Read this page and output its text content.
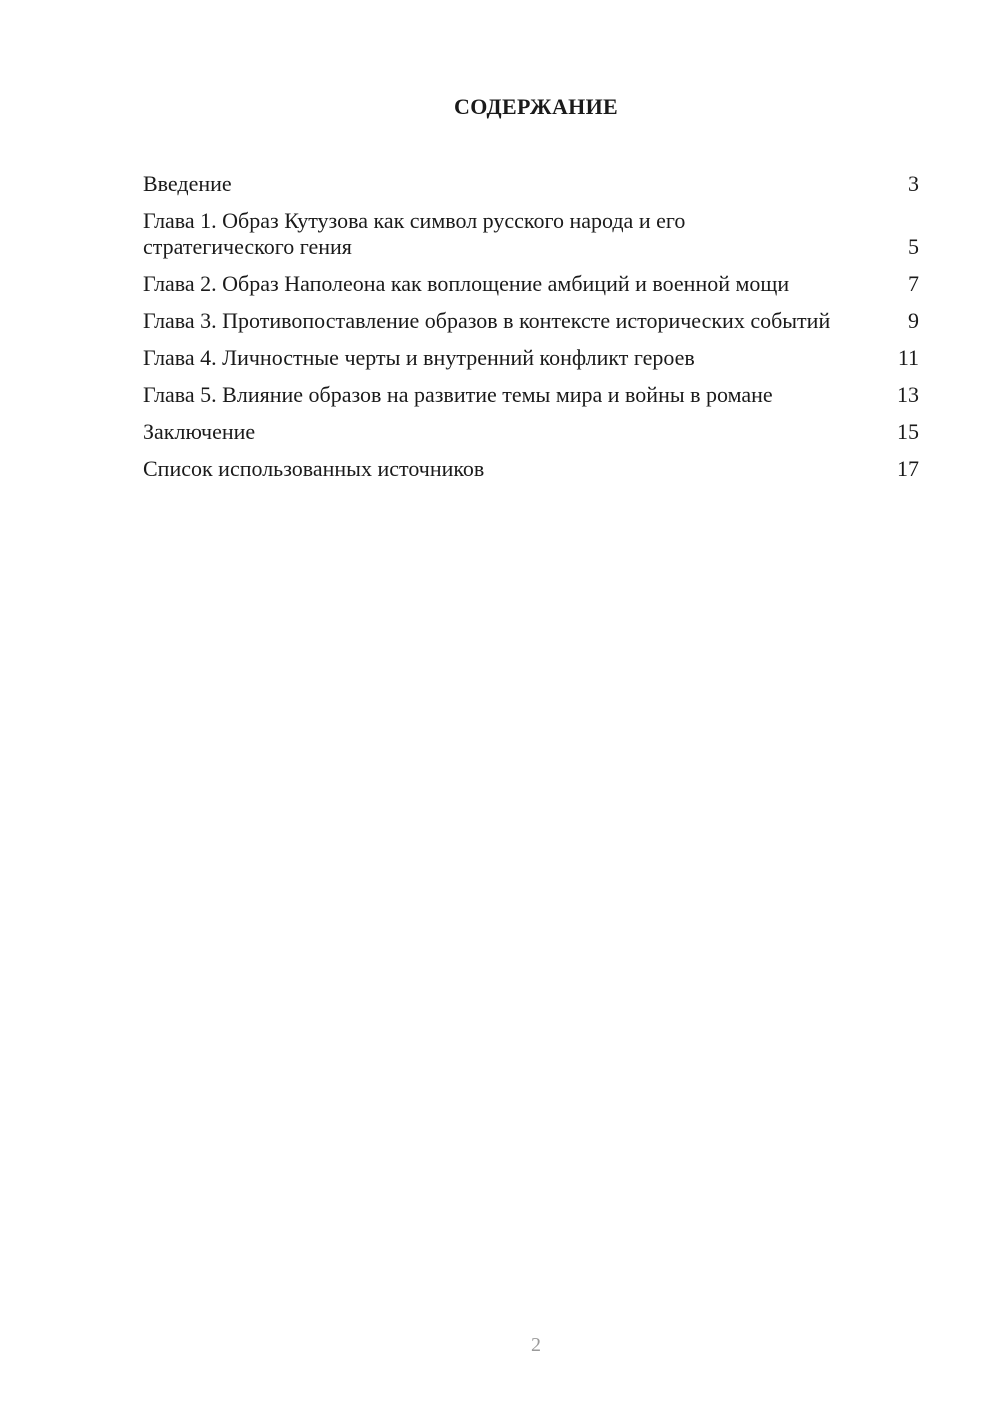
СОДЕРЖАНИЕ
Введение	3
Глава 1. Образ Кутузова как символ русского народа и его стратегического гения	5
Глава 2. Образ Наполеона как воплощение амбиций и военной мощи	7
Глава 3. Противопоставление образов в контексте исторических событий	9
Глава 4. Личностные черты и внутренний конфликт героев	11
Глава 5. Влияние образов на развитие темы мира и войны в романе	13
Заключение	15
Список использованных источников	17
2
